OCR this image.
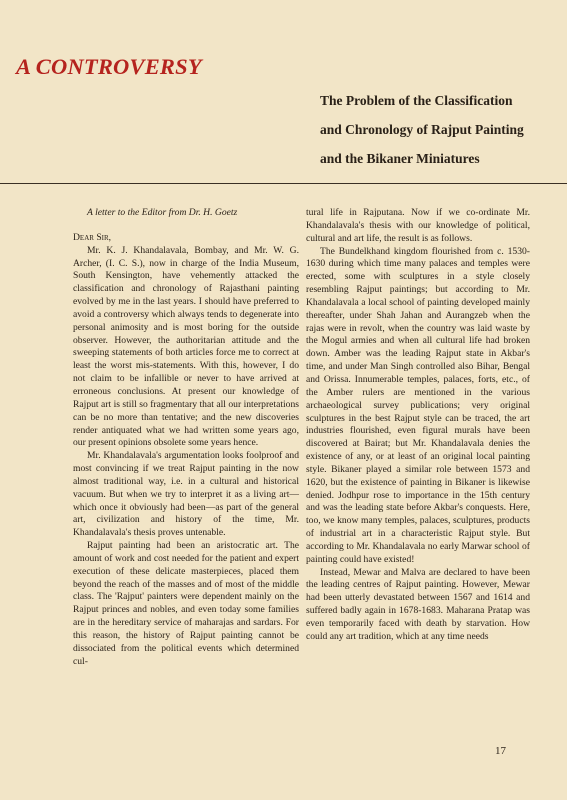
A CONTROVERSY
The Problem of the Classification
and Chronology of Rajput Painting
and the Bikaner Miniatures

A letter to the Editor from Dr. H. Goetz

Dear Sir,

Mr. K. J. Khandalavala, Bombay, and Mr. W. G. Archer, (I. C. S.), now in charge of the India Museum, South Kensington, have vehemently attacked the classification and chronology of Rajasthani painting evolved by me in the last years. I should have preferred to avoid a controversy which always tends to degenerate into personal animosity and is most boring for the outside observer. However, the authoritarian attitude and the sweeping statements of both articles force me to correct at least the worst mis-statements. With this, however, I do not claim to be infallible or never to have arrived at erroneous conclusions. At present our knowledge of Rajput art is still so fragmentary that all our interpretations can be no more than tentative; and the new discoveries render antiquated what we had written some years ago, our present opinions obsolete some years hence.

Mr. Khandalavala's argumentation looks foolproof and most convincing if we treat Rajput painting in the now almost traditional way, i.e. in a cultural and historical vacuum. But when we try to interpret it as a living art—which once it obviously had been—as part of the general art, civilization and history of the time, Mr. Khandalavala's thesis proves untenable.

Rajput painting had been an aristocratic art. The amount of work and cost needed for the patient and expert execution of these delicate masterpieces, placed them beyond the reach of the masses and of most of the middle class. The 'Rajput' painters were dependent mainly on the Rajput princes and nobles, and even today some families are in the hereditary service of maharajas and sardars. For this reason, the history of Rajput painting cannot be dissociated from the political events which determined cul-

tural life in Rajputana. Now if we co-ordinate Mr. Khandalavala's thesis with our knowledge of political, cultural and art life, the result is as follows.

The Bundelkhand kingdom flourished from c. 1530-1630 during which time many palaces and temples were erected, some with sculptures in a style closely resembling Rajput paintings; but according to Mr. Khandalavala a local school of painting developed mainly thereafter, under Shah Jahan and Aurangzeb when the rajas were in revolt, when the country was laid waste by the Mogul armies and when all cultural life had broken down. Amber was the leading Rajput state in Akbar's time, and under Man Singh controlled also Bihar, Bengal and Orissa. Innumerable temples, palaces, forts, etc., of the Amber rulers are mentioned in the various archaeological survey publications; very original sculptures in the best Rajput style can be traced, the art industries flourished, even figural murals have been discovered at Bairat; but Mr. Khandalavala denies the existence of any, or at least of an original local painting style. Bikaner played a similar role between 1573 and 1620, but the existence of painting in Bikaner is likewise denied. Jodhpur rose to importance in the 15th century and was the leading state before Akbar's conquests. Here, too, we know many temples, palaces, sculptures, products of industrial art in a characteristic Rajput style. But according to Mr. Khandalavala no early Marwar school of painting could have existed!

Instead, Mewar and Malva are declared to have been the leading centres of Rajput painting. However, Mewar had been utterly devastated between 1567 and 1614 and suffered badly again in 1678-1683. Maharana Pratap was even temporarily faced with death by starvation. How could any art tradition, which at any time needs

17
